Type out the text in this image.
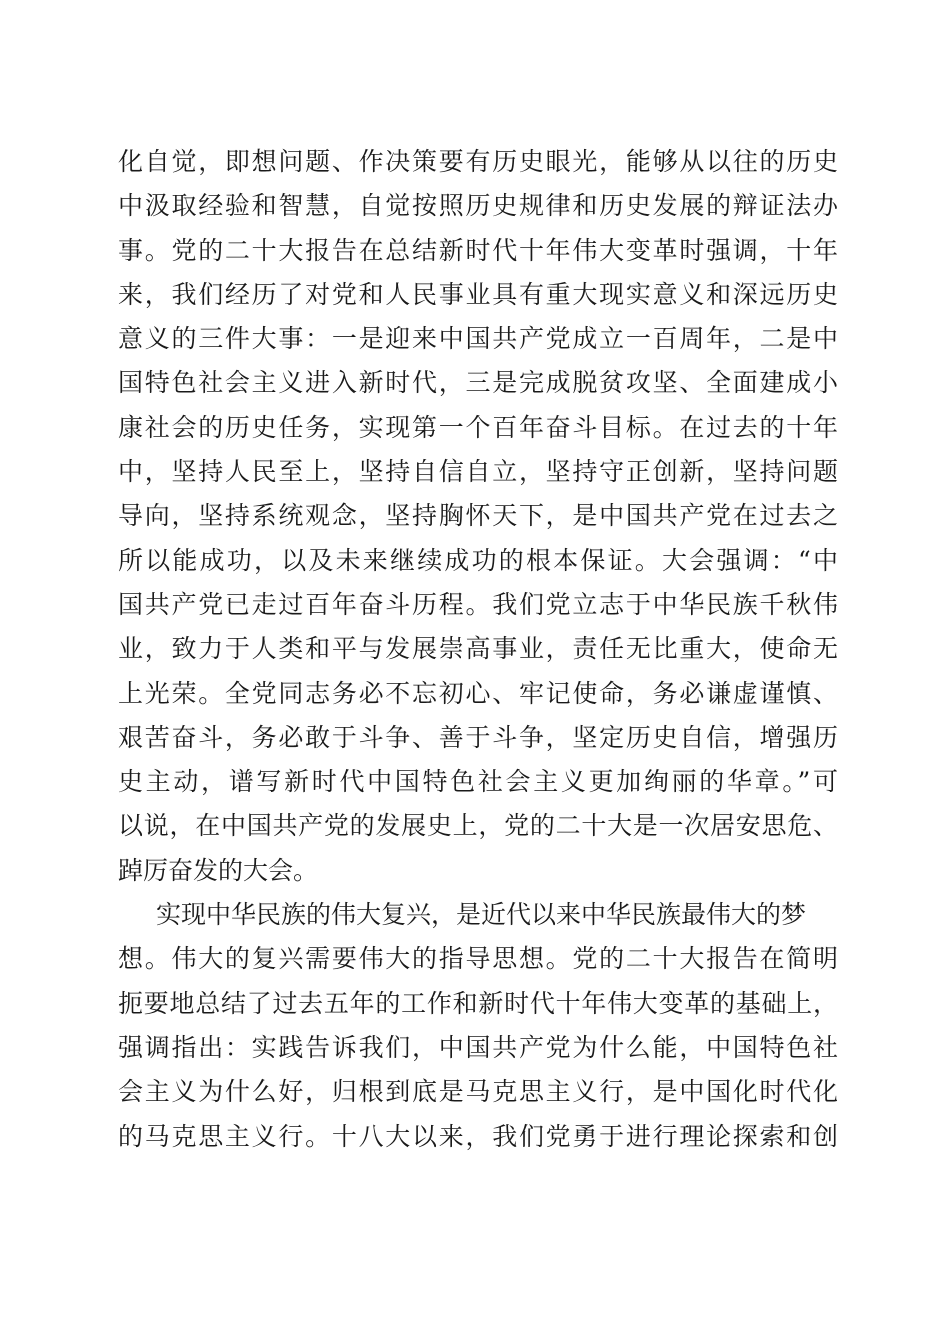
化自觉，即想问题、作决策要有历史眼光，能够从以往的历史
中汲取经验和智慧，自觉按照历史规律和历史发展的辩证法办
事。党的二十大报告在总结新时代十年伟大变革时强调，十年
来，我们经历了对党和人民事业具有重大现实意义和深远历史
意义的三件大事：一是迎来中国共产党成立一百周年，二是中
国特色社会主义进入新时代，三是完成脱贫攻坚、全面建成小
康社会的历史任务，实现第一个百年奋斗目标。在过去的十年
中，坚持人民至上，坚持自信自立，坚持守正创新，坚持问题
导向，坚持系统观念，坚持胸怀天下，是中国共产党在过去之
所以能成功，以及未来继续成功的根本保证。大会强调：“中
国共产党已走过百年奋斗历程。我们党立志于中华民族千秋伟
业，致力于人类和平与发展崇高事业，责任无比重大，使命无
上光荣。全党同志务必不忘初心、牢记使命，务必谦虚谨慎、
艰苦奋斗，务必敢于斗争、善于斗争，坚定历史自信，增强历
史主动，谱写新时代中国特色社会主义更加绚丽的华章。”可
以说，在中国共产党的发展史上，党的二十大是一次居安思危、
踔厉奋发的大会。
实现中华民族的伟大复兴，是近代以来中华民族最伟大的梦
想。伟大的复兴需要伟大的指导思想。党的二十大报告在简明
扼要地总结了过去五年的工作和新时代十年伟大变革的基础上，
强调指出：实践告诉我们，中国共产党为什么能，中国特色社
会主义为什么好，归根到底是马克思主义行，是中国化时代化
的马克思主义行。十八大以来，我们党勇于进行理论探索和创
